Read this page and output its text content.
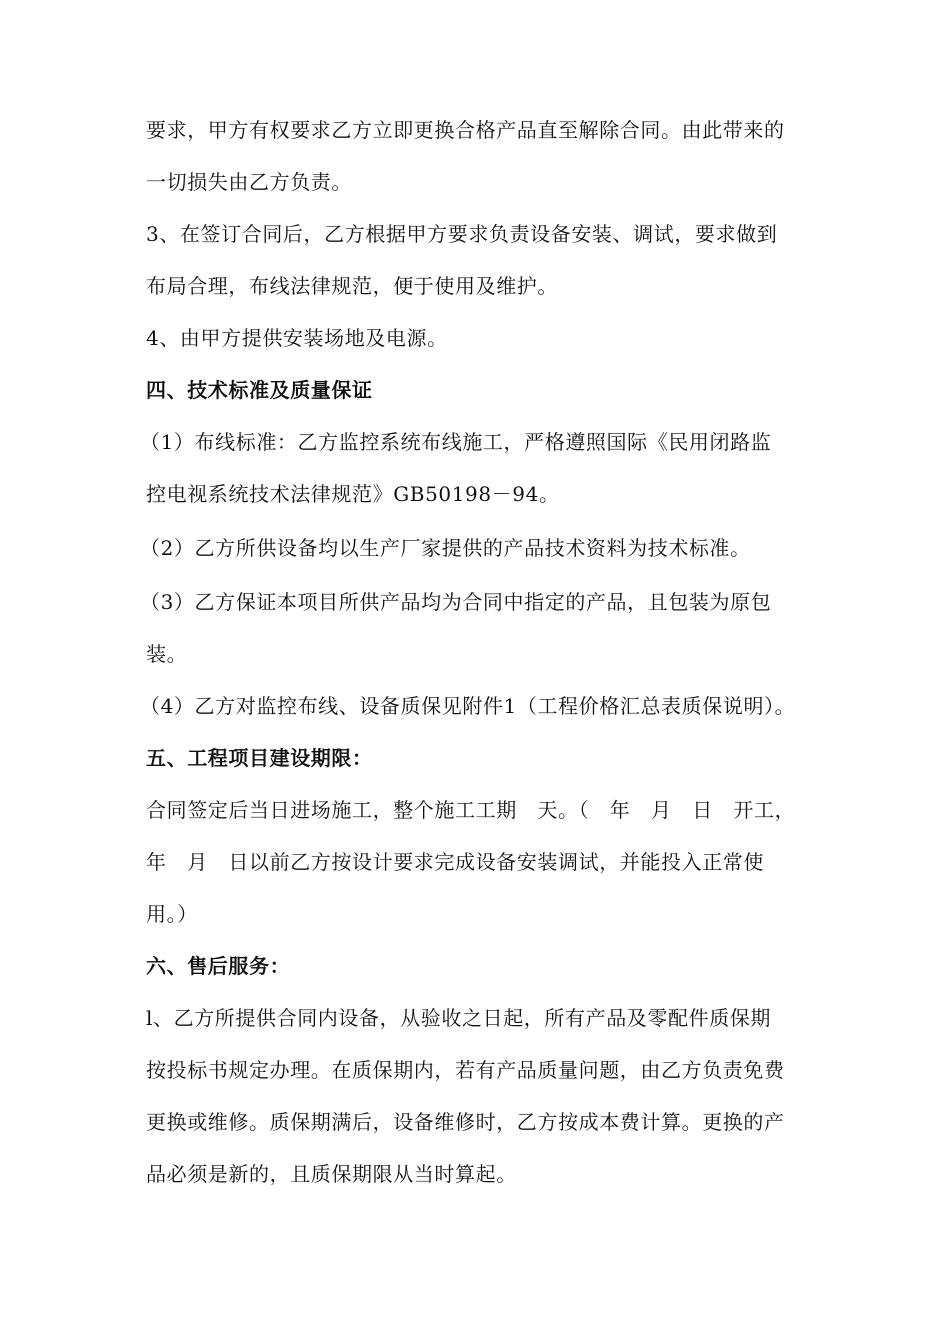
要求，甲方有权要求乙方立即更换合格产品直至解除合同。由此带来的
一切损失由乙方负责。
3、在签订合同后，乙方根据甲方要求负责设备安装、调试，要求做到
布局合理，布线法律规范，便于使用及维护。
4、由甲方提供安装场地及电源。
四、技术标准及质量保证
（1）布线标准：乙方监控系统布线施工，严格遵照国际《民用闭路监
控电视系统技术法律规范》GB50198－94。
（2）乙方所供设备均以生产厂家提供的产品技术资料为技术标准。
（3）乙方保证本项目所供产品均为合同中指定的产品，且包装为原包
装。
（4）乙方对监控布线、设备质保见附件1（工程价格汇总表质保说明）。
五、工程项目建设期限：
合同签定后当日进场施工，整个施工工期　天。（　年　月　日　开工，
年　月　日以前乙方按设计要求完成设备安装调试，并能投入正常使
用。）
六、售后服务：
l、乙方所提供合同内设备，从验收之日起，所有产品及零配件质保期
按投标书规定办理。在质保期内，若有产品质量问题，由乙方负责免费
更换或维修。质保期满后，设备维修时，乙方按成本费计算。更换的产
品必须是新的，且质保期限从当时算起。
